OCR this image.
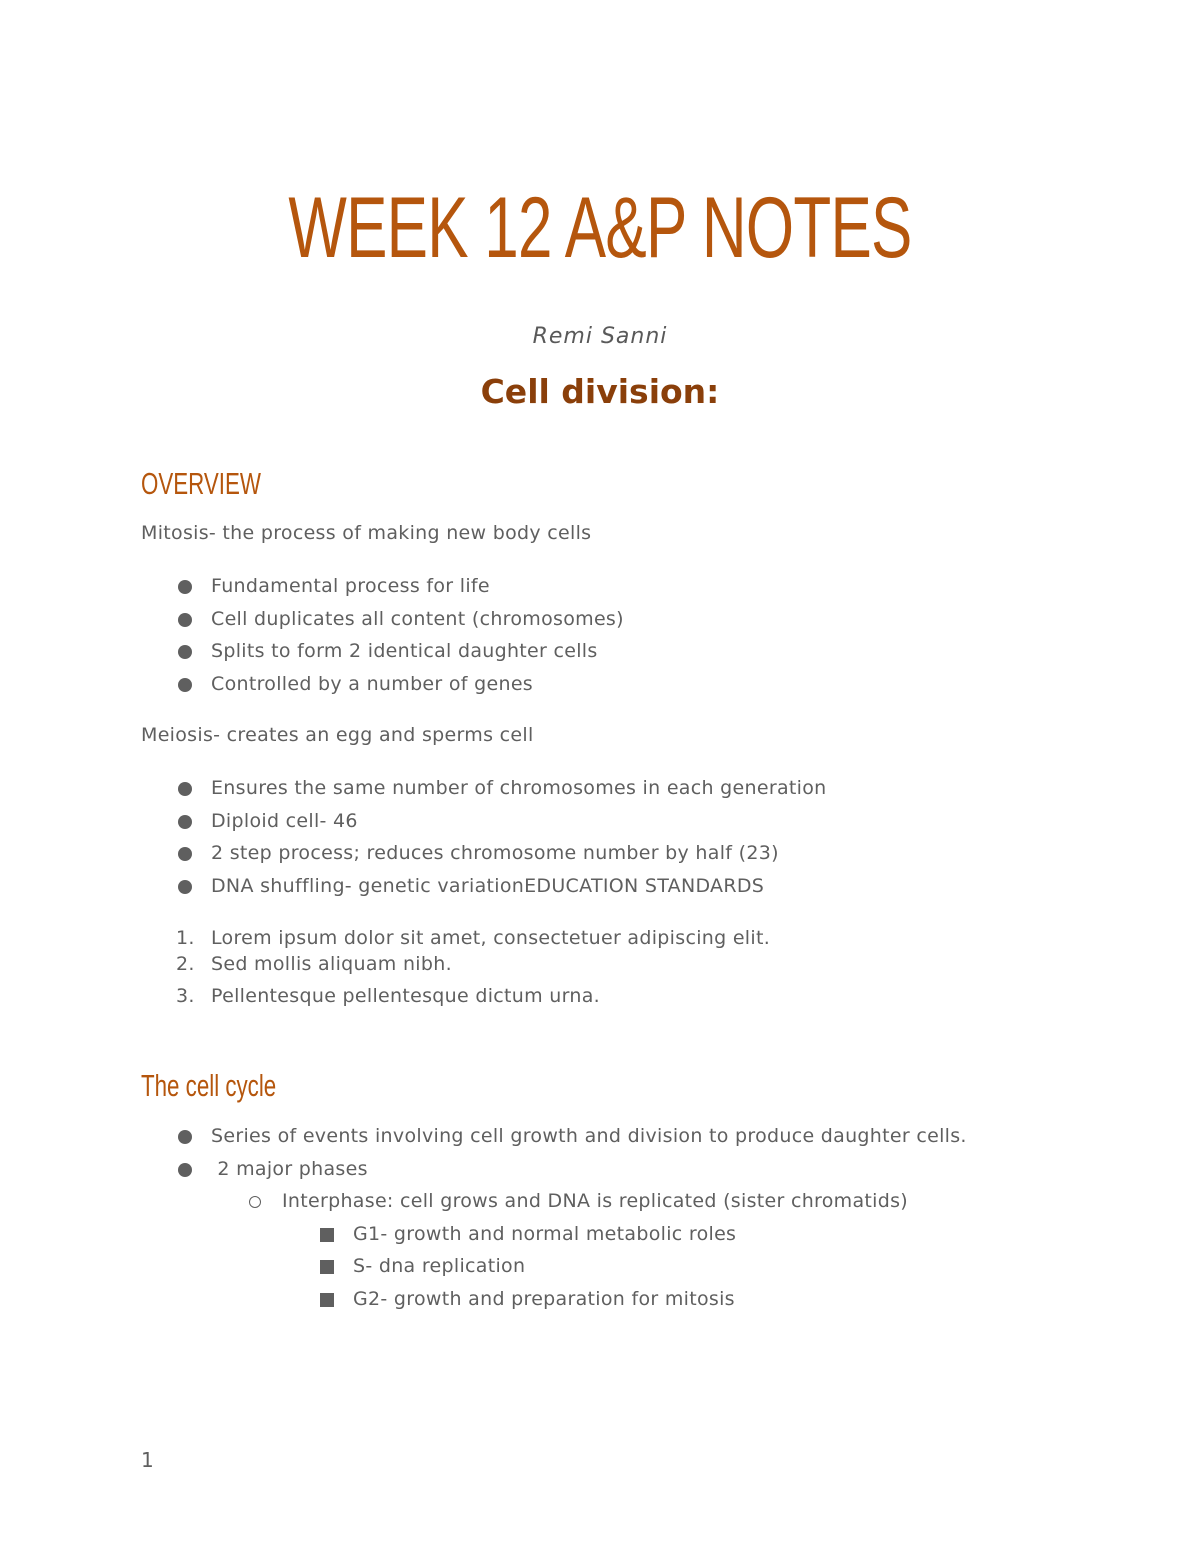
WEEK 12 A&P NOTES
Remi Sanni
Cell division:
OVERVIEW

Mitosis- the process of making new body cells

Fundamental process for life
Cell duplicates all content (chromosomes)
Splits to form 2 identical daughter cells
Controlled by a number of genes

Meiosis- creates an egg and sperms cell

Ensures the same number of chromosomes in each generation
Diploid cell- 46
2 step process; reduces chromosome number by half (23)
DNA shuffling- genetic variationEDUCATION STANDARDS
1. Lorem ipsum dolor sit amet, consectetuer adipiscing elit.
2. Sed mollis aliquam nibh.
3. Pellentesque pellentesque dictum urna.
The cell cycle
Series of events involving cell growth and division to produce daughter cells.
2 major phases
Interphase: cell grows and DNA is replicated (sister chromatids)
G1- growth and normal metabolic roles
S- dna replication
G2- growth and preparation for mitosis
1
